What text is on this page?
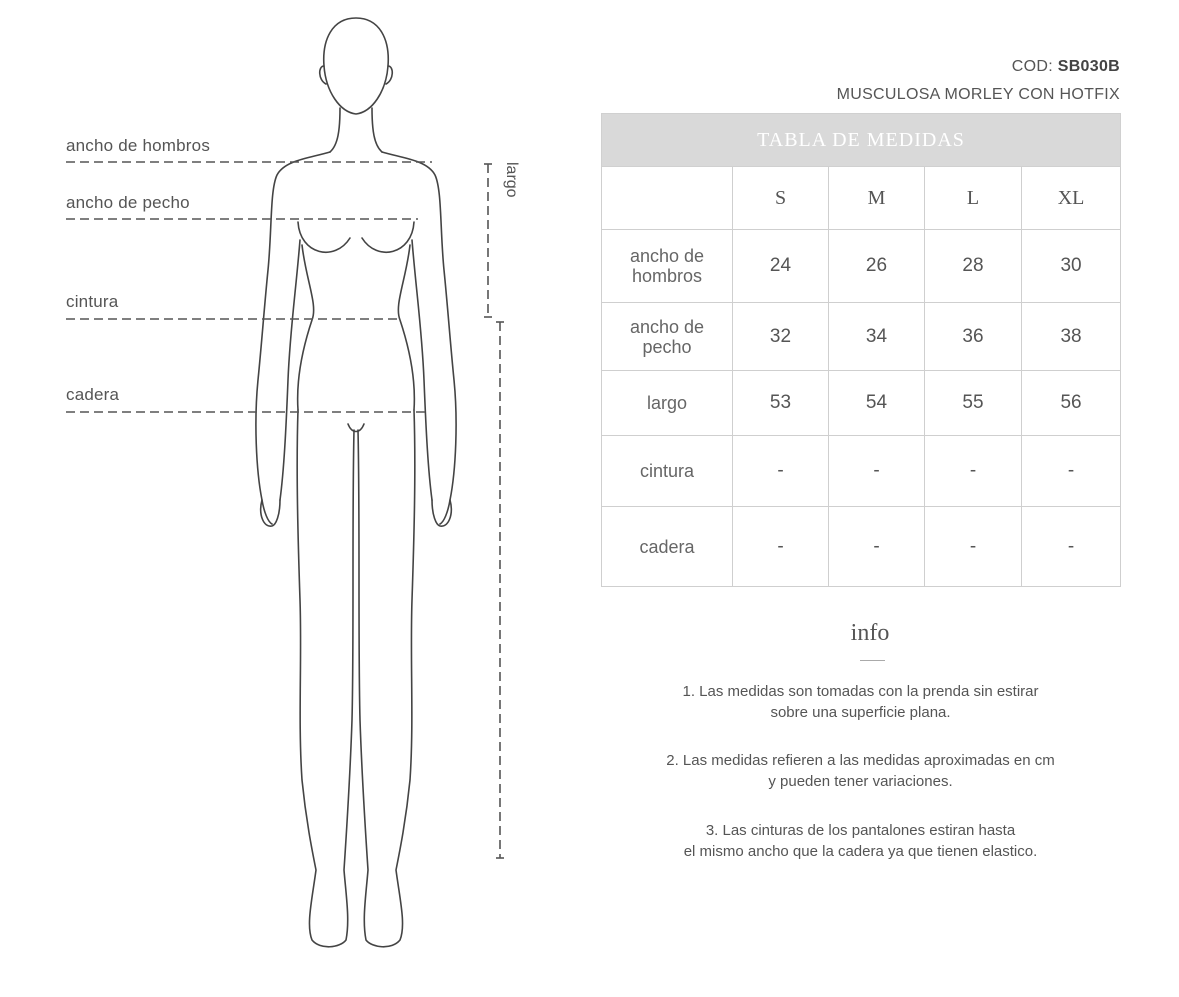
ancho de hombros
ancho de pecho
cintura
cadera
largo
COD: SB030B
MUSCULOSA MORLEY CON HOTFIX
TABLA DE MEDIDAS				
	S	M	L	XL
ancho de
hombros	24	26	28	30
ancho de
pecho	32	34	36	38
largo	53	54	55	56
cintura	-	-	-	-
cadera	-	-	-	-
info
1. Las medidas son tomadas con la prenda sin estirar
sobre una superficie plana.
2. Las medidas refieren a las medidas aproximadas en cm
y pueden tener variaciones.
3. Las cinturas de los pantalones estiran hasta
el mismo ancho que la cadera ya que tienen elastico.
